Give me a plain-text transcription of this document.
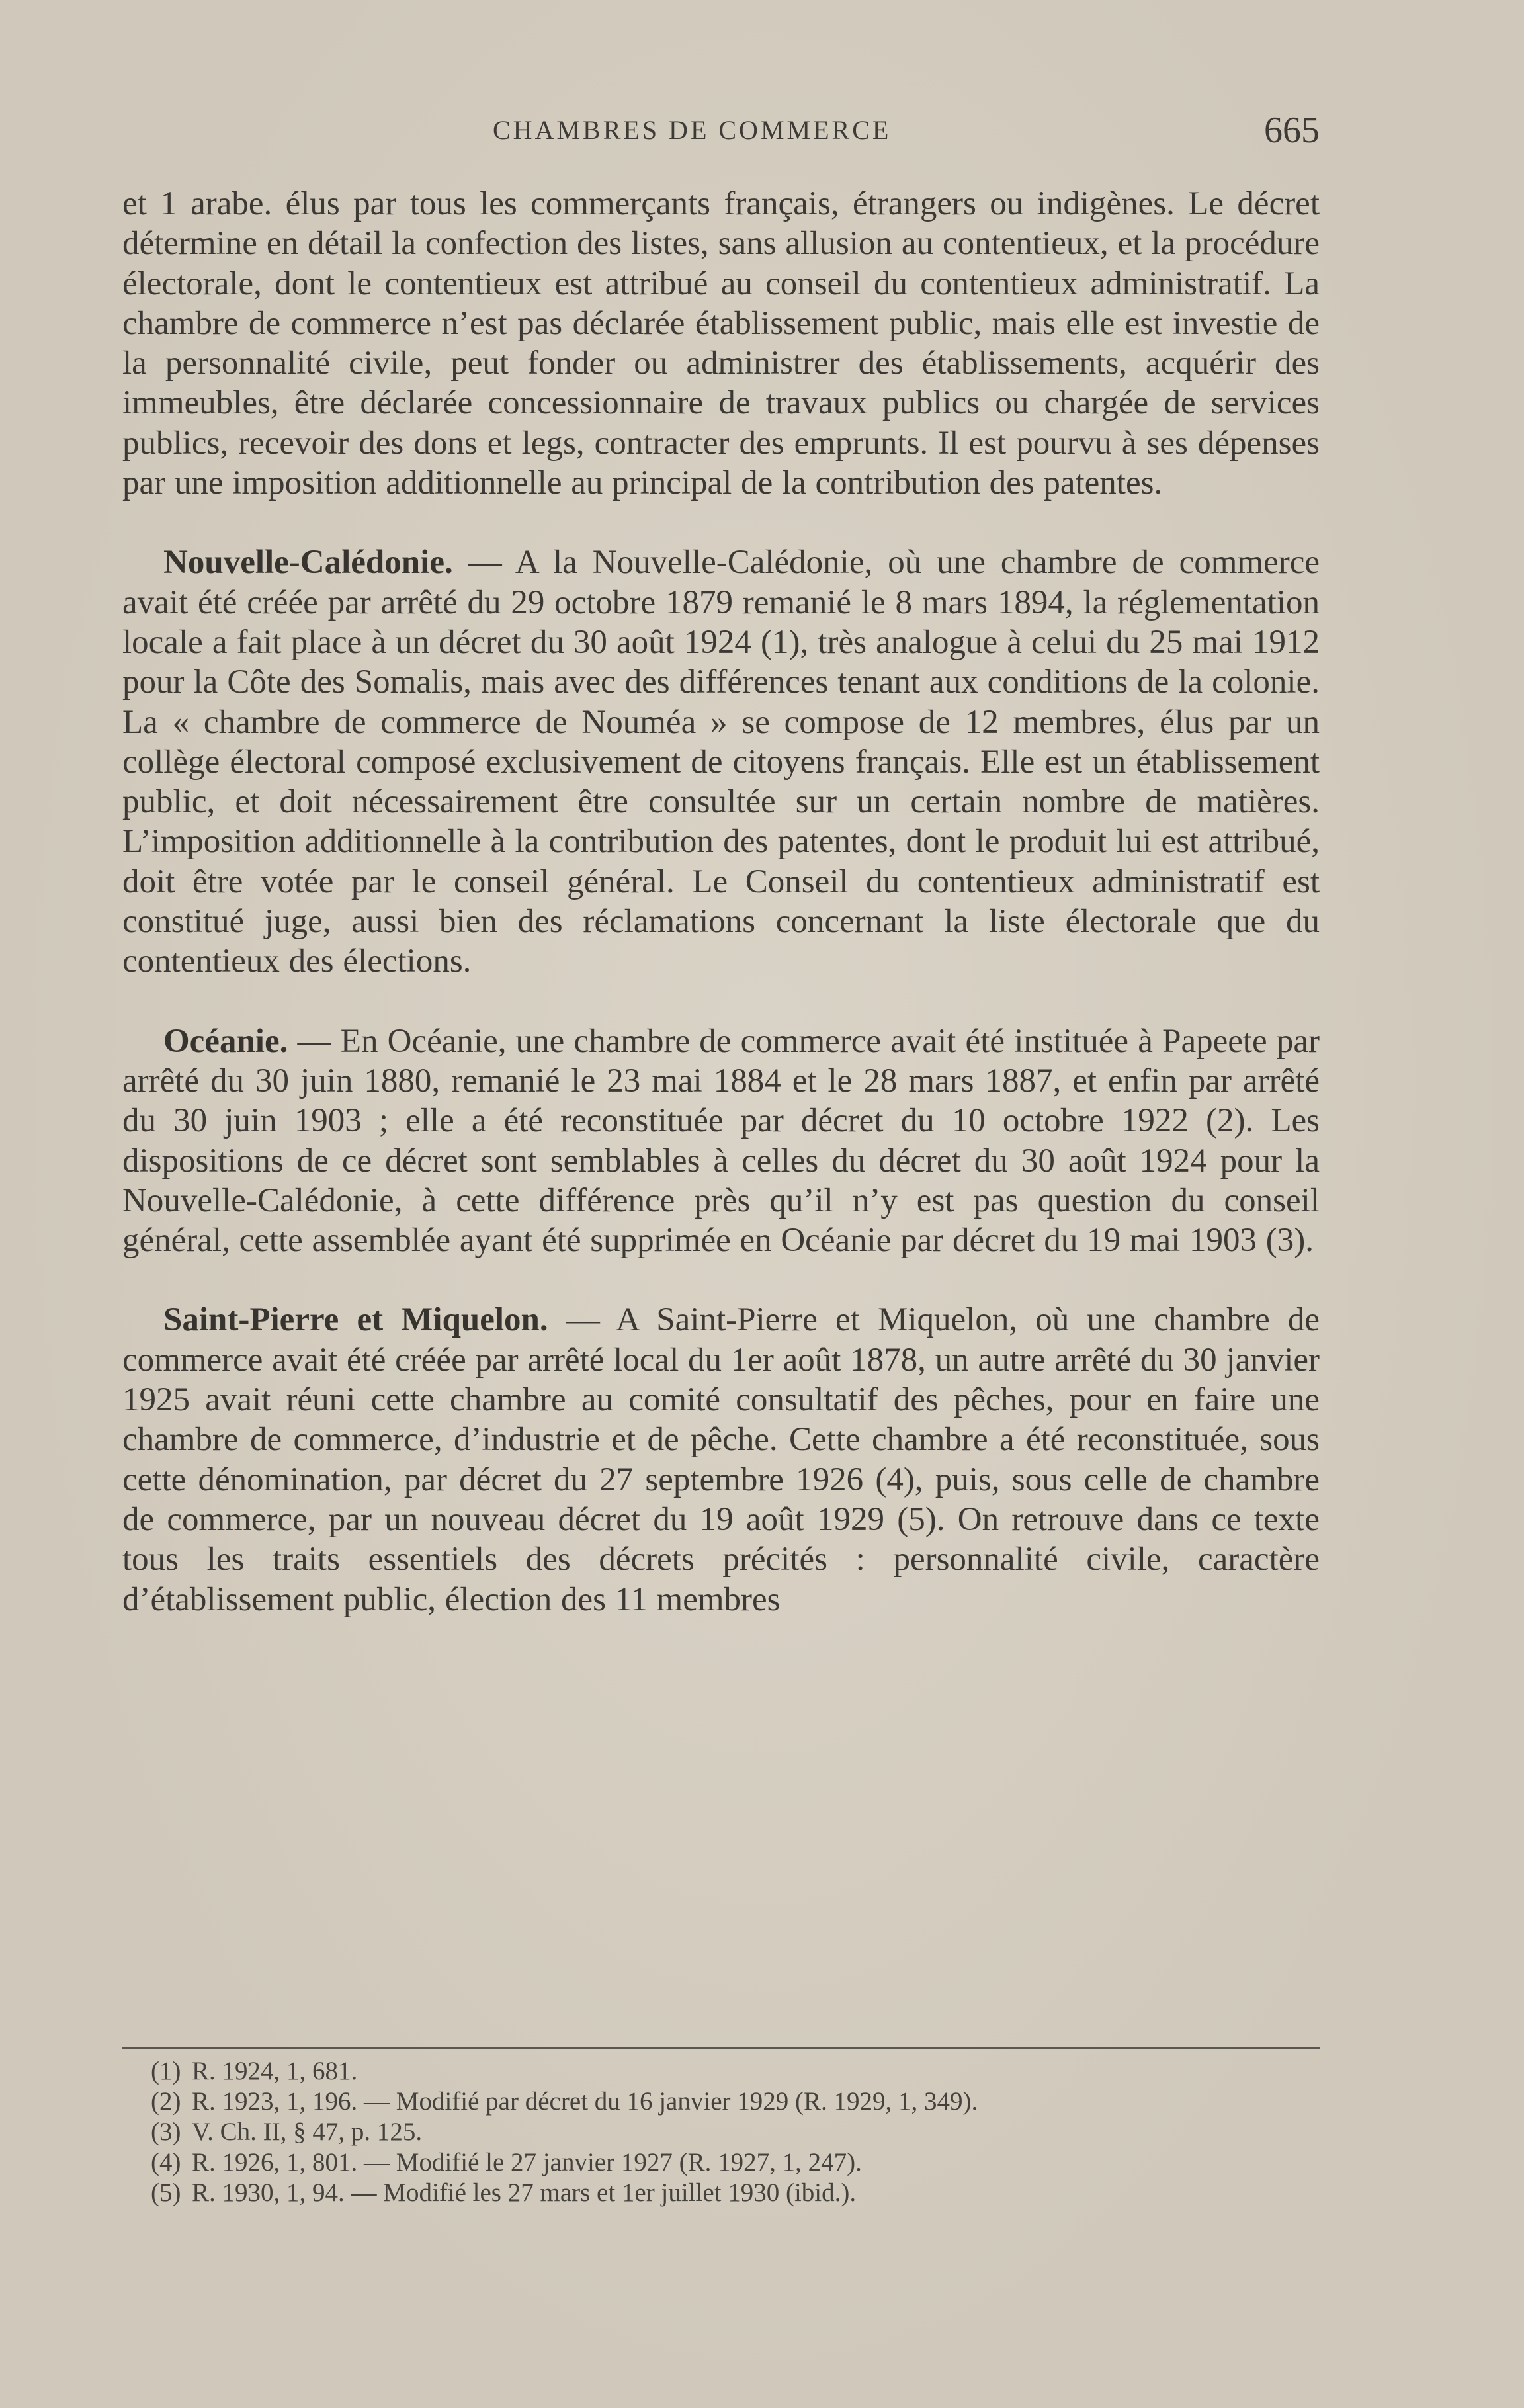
CHAMBRES DE COMMERCE	665

et 1 arabe. élus par tous les commerçants français, étrangers ou indigènes. Le décret détermine en détail la confection des listes, sans allusion au contentieux, et la procédure électorale, dont le contentieux est attribué au conseil du contentieux administratif. La chambre de commerce n’est pas déclarée établissement public, mais elle est investie de la personnalité civile, peut fonder ou administrer des établissements, acquérir des immeubles, être déclarée concessionnaire de travaux publics ou chargée de services publics, recevoir des dons et legs, contracter des emprunts. Il est pourvu à ses dépenses par une imposition additionnelle au principal de la contribution des patentes.

Nouvelle-Calédonie. — A la Nouvelle-Calédonie, où une chambre de commerce avait été créée par arrêté du 29 octobre 1879 remanié le 8 mars 1894, la réglementation locale a fait place à un décret du 30 août 1924 (1), très analogue à celui du 25 mai 1912 pour la Côte des Somalis, mais avec des différences tenant aux conditions de la colonie. La « chambre de commerce de Nouméa » se compose de 12 membres, élus par un collège électoral composé exclusivement de citoyens français. Elle est un établissement public, et doit nécessairement être consultée sur un certain nombre de matières. L’imposition additionnelle à la contribution des patentes, dont le produit lui est attribué, doit être votée par le conseil général. Le Conseil du contentieux administratif est constitué juge, aussi bien des réclamations concernant la liste électorale que du contentieux des élections.

Océanie. — En Océanie, une chambre de commerce avait été instituée à Papeete par arrêté du 30 juin 1880, remanié le 23 mai 1884 et le 28 mars 1887, et enfin par arrêté du 30 juin 1903 ; elle a été reconstituée par décret du 10 octobre 1922 (2). Les dispositions de ce décret sont semblables à celles du décret du 30 août 1924 pour la Nouvelle-Calédonie, à cette différence près qu’il n’y est pas question du conseil général, cette assemblée ayant été supprimée en Océanie par décret du 19 mai 1903 (3).

Saint-Pierre et Miquelon. — A Saint-Pierre et Miquelon, où une chambre de commerce avait été créée par arrêté local du 1er août 1878, un autre arrêté du 30 janvier 1925 avait réuni cette chambre au comité consultatif des pêches, pour en faire une chambre de commerce, d’industrie et de pêche. Cette chambre a été reconstituée, sous cette dénomination, par décret du 27 septembre 1926 (4), puis, sous celle de chambre de commerce, par un nouveau décret du 19 août 1929 (5). On retrouve dans ce texte tous les traits essentiels des décrets précités : personnalité civile, caractère d’établissement public, élection des 11 membres

(1) R. 1924, 1, 681.
(2) R. 1923, 1, 196. — Modifié par décret du 16 janvier 1929 (R. 1929, 1, 349).
(3) V. Ch. II, § 47, p. 125.
(4) R. 1926, 1, 801. — Modifié le 27 janvier 1927 (R. 1927, 1, 247).
(5) R. 1930, 1, 94. — Modifié les 27 mars et 1er juillet 1930 (ibid.).
